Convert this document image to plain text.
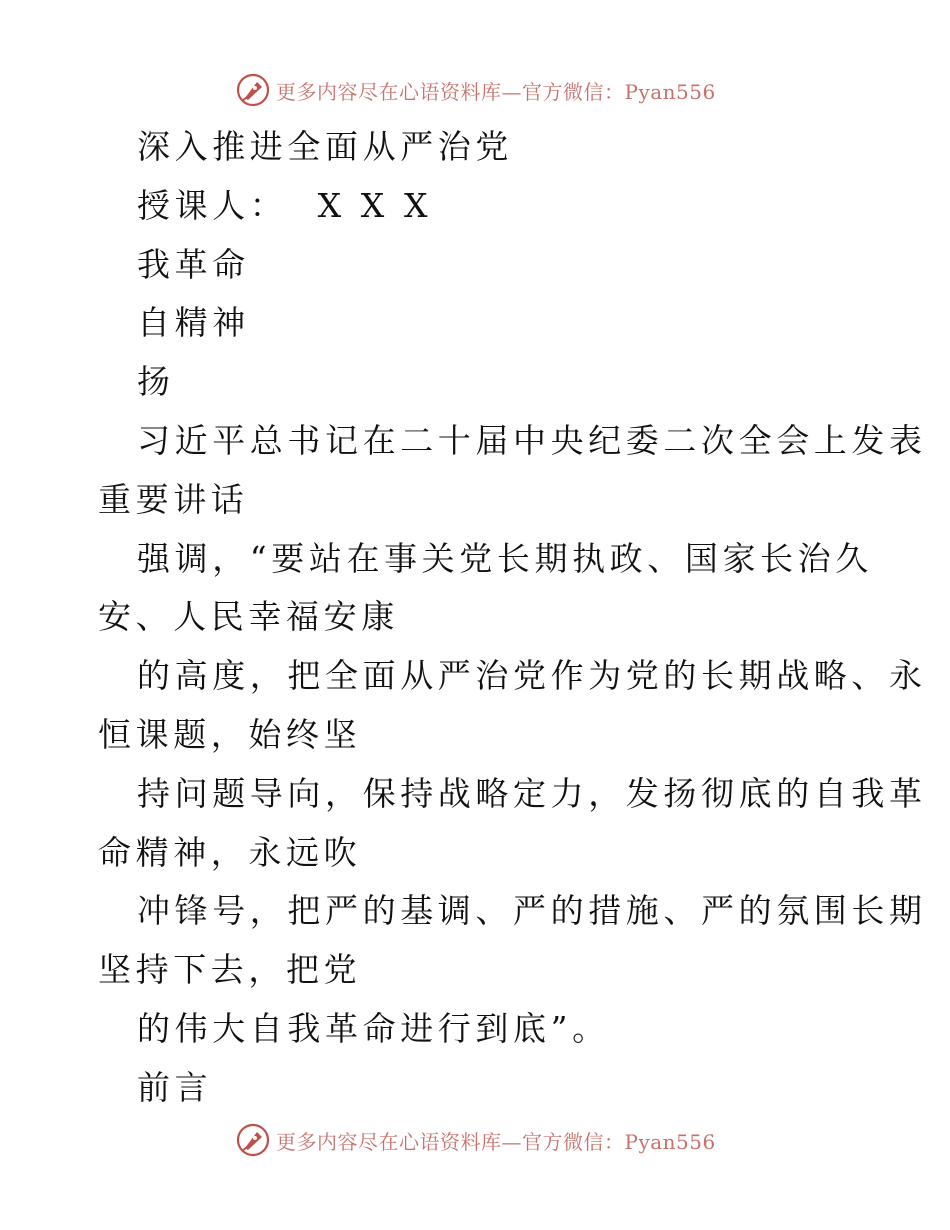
更多内容尽在心语资料库—官方微信：Pyan556
深入推进全面从严治党
授课人：  X X X
我革命
自精神
扬
习近平总书记在二十届中央纪委二次全会上发表
重要讲话
强调，“要站在事关党长期执政、国家长治久
安、人民幸福安康
的高度，把全面从严治党作为党的长期战略、永
恒课题，始终坚
持问题导向，保持战略定力，发扬彻底的自我革
命精神，永远吹
冲锋号，把严的基调、严的措施、严的氛围长期
坚持下去，把党
的伟大自我革命进行到底”。
前言
更多内容尽在心语资料库—官方微信：Pyan556
